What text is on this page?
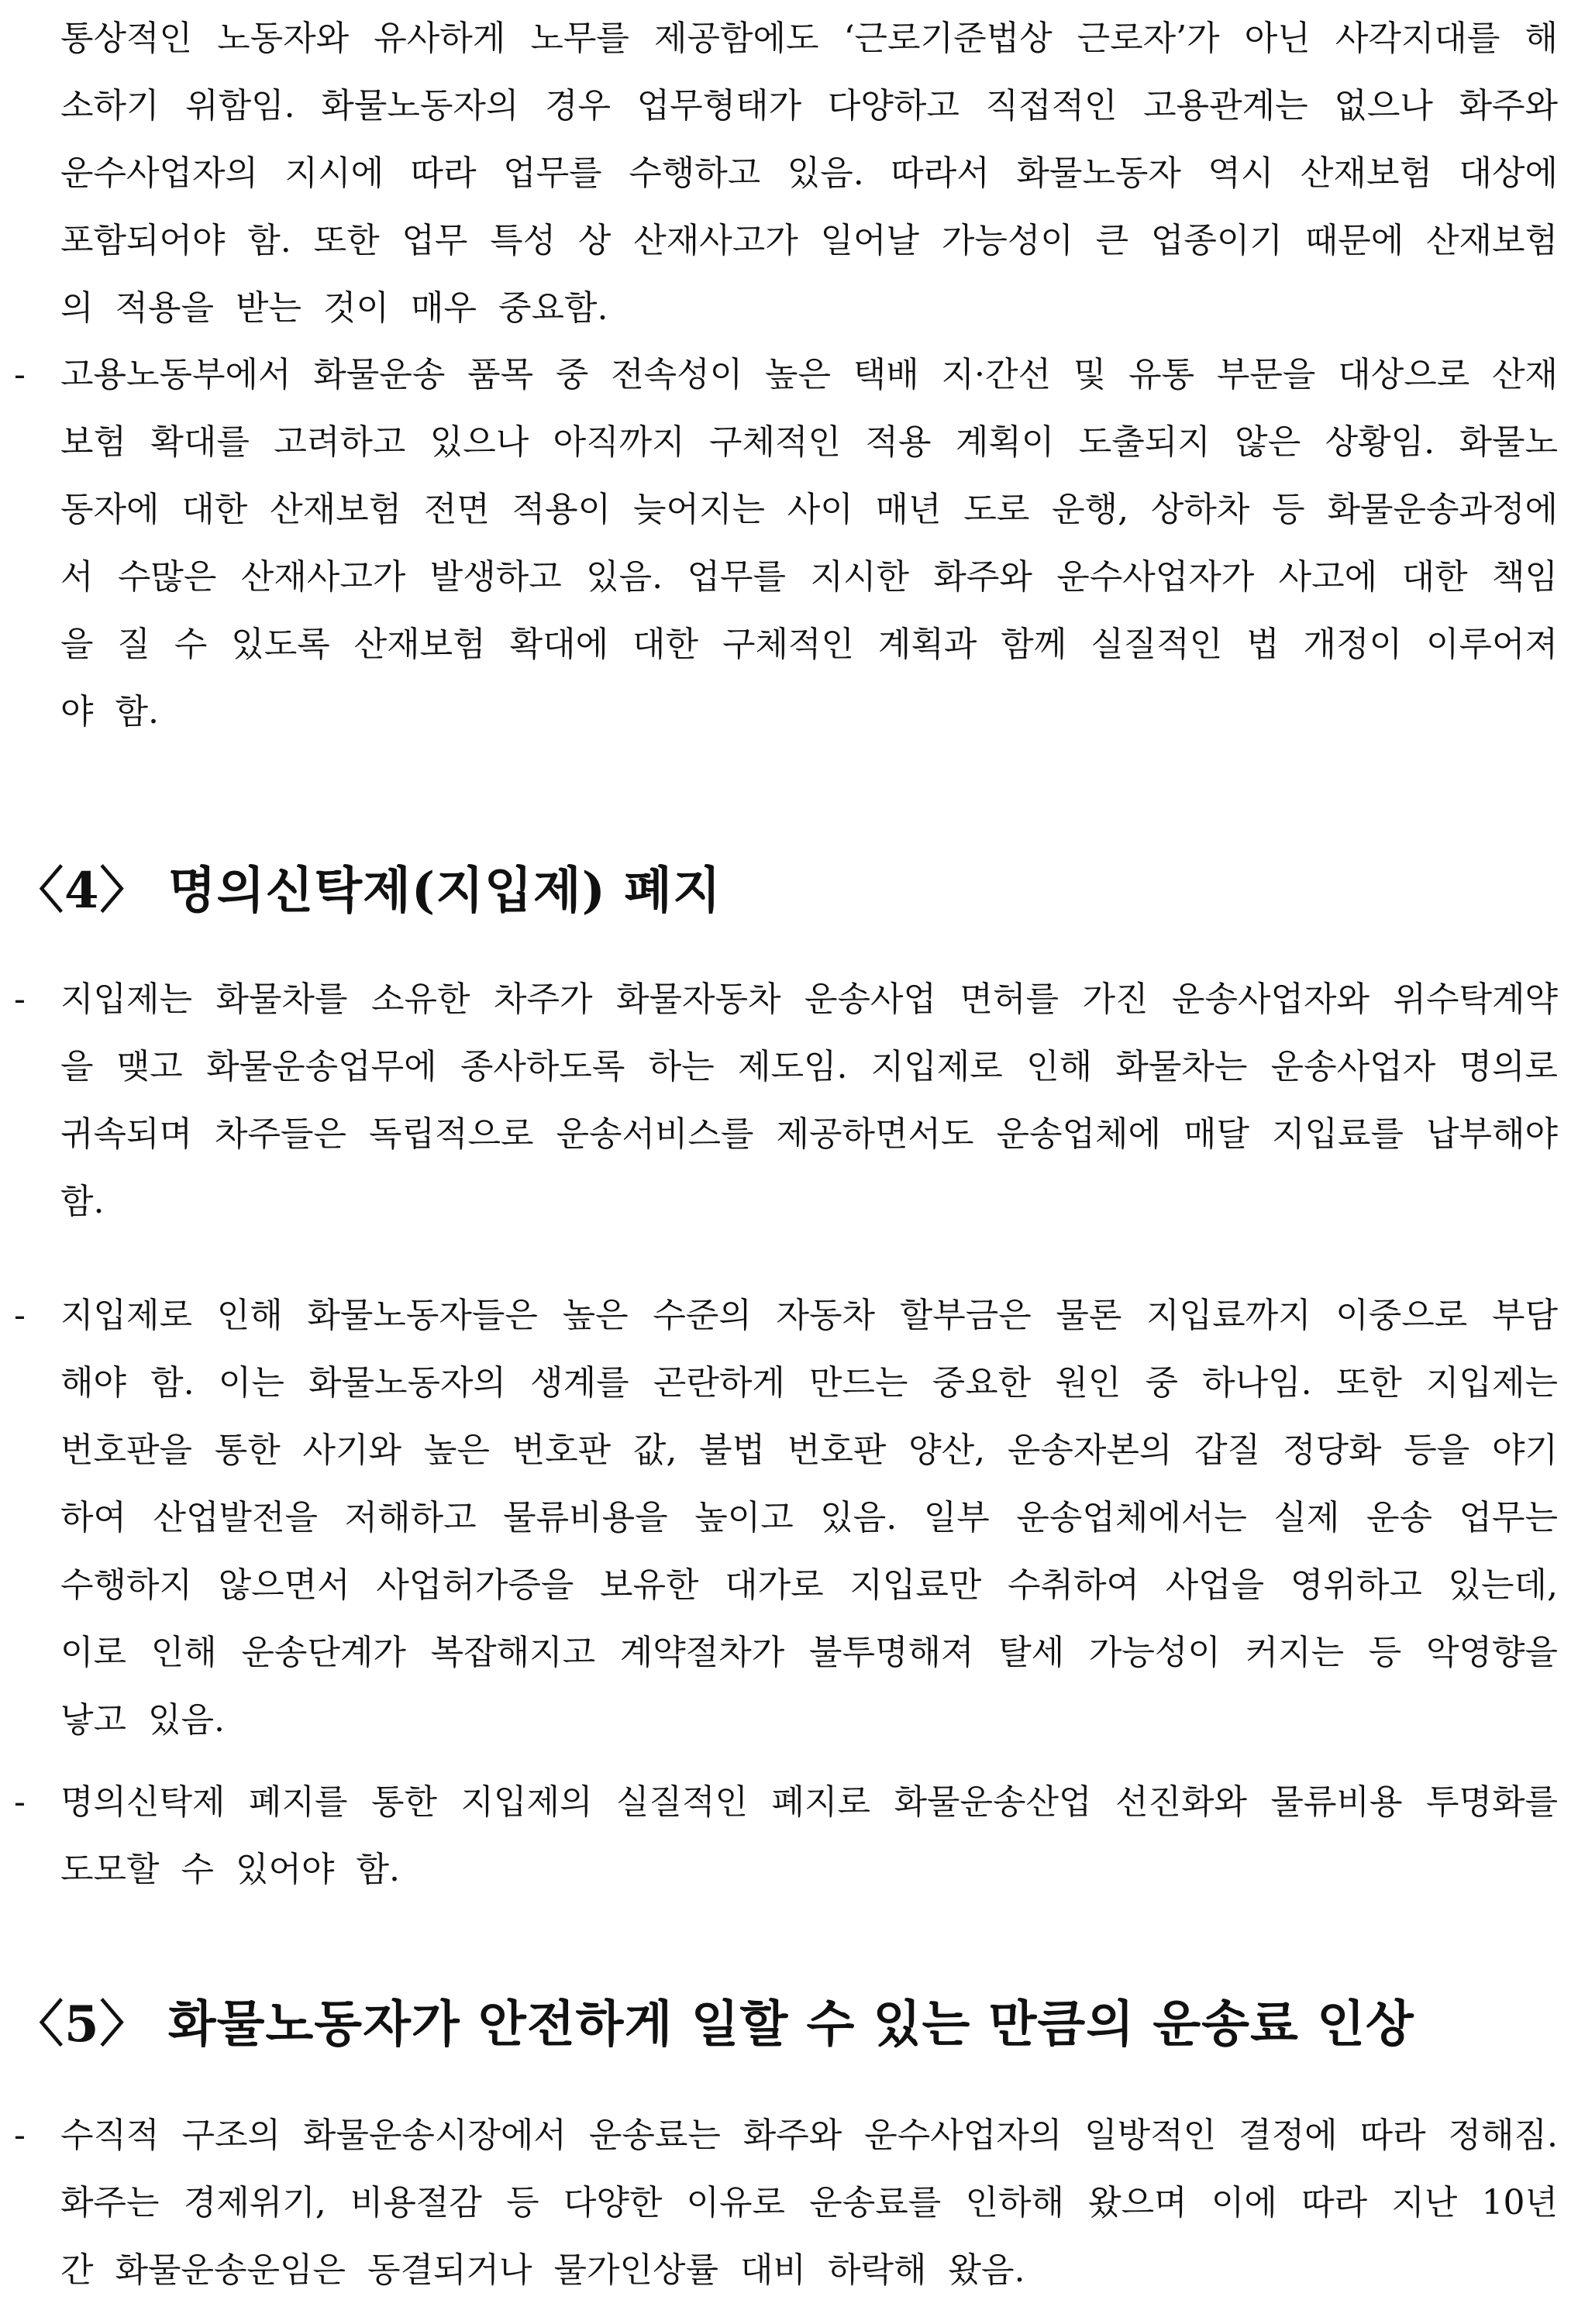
통상적인 노동자와 유사하게 노무를 제공함에도 ‘근로기준법상 근로자’가 아닌 사각지대를 해소하기 위함임. 화물노동자의 경우 업무형태가 다양하고 직접적인 고용관계는 없으나 화주와 운수사업자의 지시에 따라 업무를 수행하고 있음. 따라서 화물노동자 역시 산재보험 대상에 포함되어야 함. 또한 업무 특성 상 산재사고가 일어날 가능성이 큰 업종이기 때문에 산재보험의 적용을 받는 것이 매우 중요함.

-	고용노동부에서 화물운송 품목 중 전속성이 높은 택배 지·간선 및 유통 부문을 대상으로 산재보험 확대를 고려하고 있으나 아직까지 구체적인 적용 계획이 도출되지 않은 상황임. 화물노동자에 대한 산재보험 전면 적용이 늦어지는 사이 매년 도로 운행, 상하차 등 화물운송과정에서 수많은 산재사고가 발생하고 있음. 업무를 지시한 화주와 운수사업자가 사고에 대한 책임을 질 수 있도록 산재보험 확대에 대한 구체적인 계획과 함께 실질적인 법 개정이 이루어져야 함.
〈4〉 명의신탁제(지입제) 폐지
-	지입제는 화물차를 소유한 차주가 화물자동차 운송사업 면허를 가진 운송사업자와 위수탁계약을 맺고 화물운송업무에 종사하도록 하는 제도임. 지입제로 인해 화물차는 운송사업자 명의로 귀속되며 차주들은 독립적으로 운송서비스를 제공하면서도 운송업체에 매달 지입료를 납부해야 함.
-	지입제로 인해 화물노동자들은 높은 수준의 자동차 할부금은 물론 지입료까지 이중으로 부담해야 함. 이는 화물노동자의 생계를 곤란하게 만드는 중요한 원인 중 하나임. 또한 지입제는 번호판을 통한 사기와 높은 번호판 값, 불법 번호판 양산, 운송자본의 갑질 정당화 등을 야기하여 산업발전을 저해하고 물류비용을 높이고 있음. 일부 운송업체에서는 실제 운송 업무는 수행하지 않으면서 사업허가증을 보유한 대가로 지입료만 수취하여 사업을 영위하고 있는데, 이로 인해 운송단계가 복잡해지고 계약절차가 불투명해져 탈세 가능성이 커지는 등 악영향을 낳고 있음.
-	명의신탁제 폐지를 통한 지입제의 실질적인 폐지로 화물운송산업 선진화와 물류비용 투명화를 도모할 수 있어야 함.
〈5〉 화물노동자가 안전하게 일할 수 있는 만큼의 운송료 인상
-	수직적 구조의 화물운송시장에서 운송료는 화주와 운수사업자의 일방적인 결정에 따라 정해짐. 화주는 경제위기, 비용절감 등 다양한 이유로 운송료를 인하해 왔으며 이에 따라 지난 10년간 화물운송운임은 동결되거나 물가인상률 대비 하락해 왔음.
